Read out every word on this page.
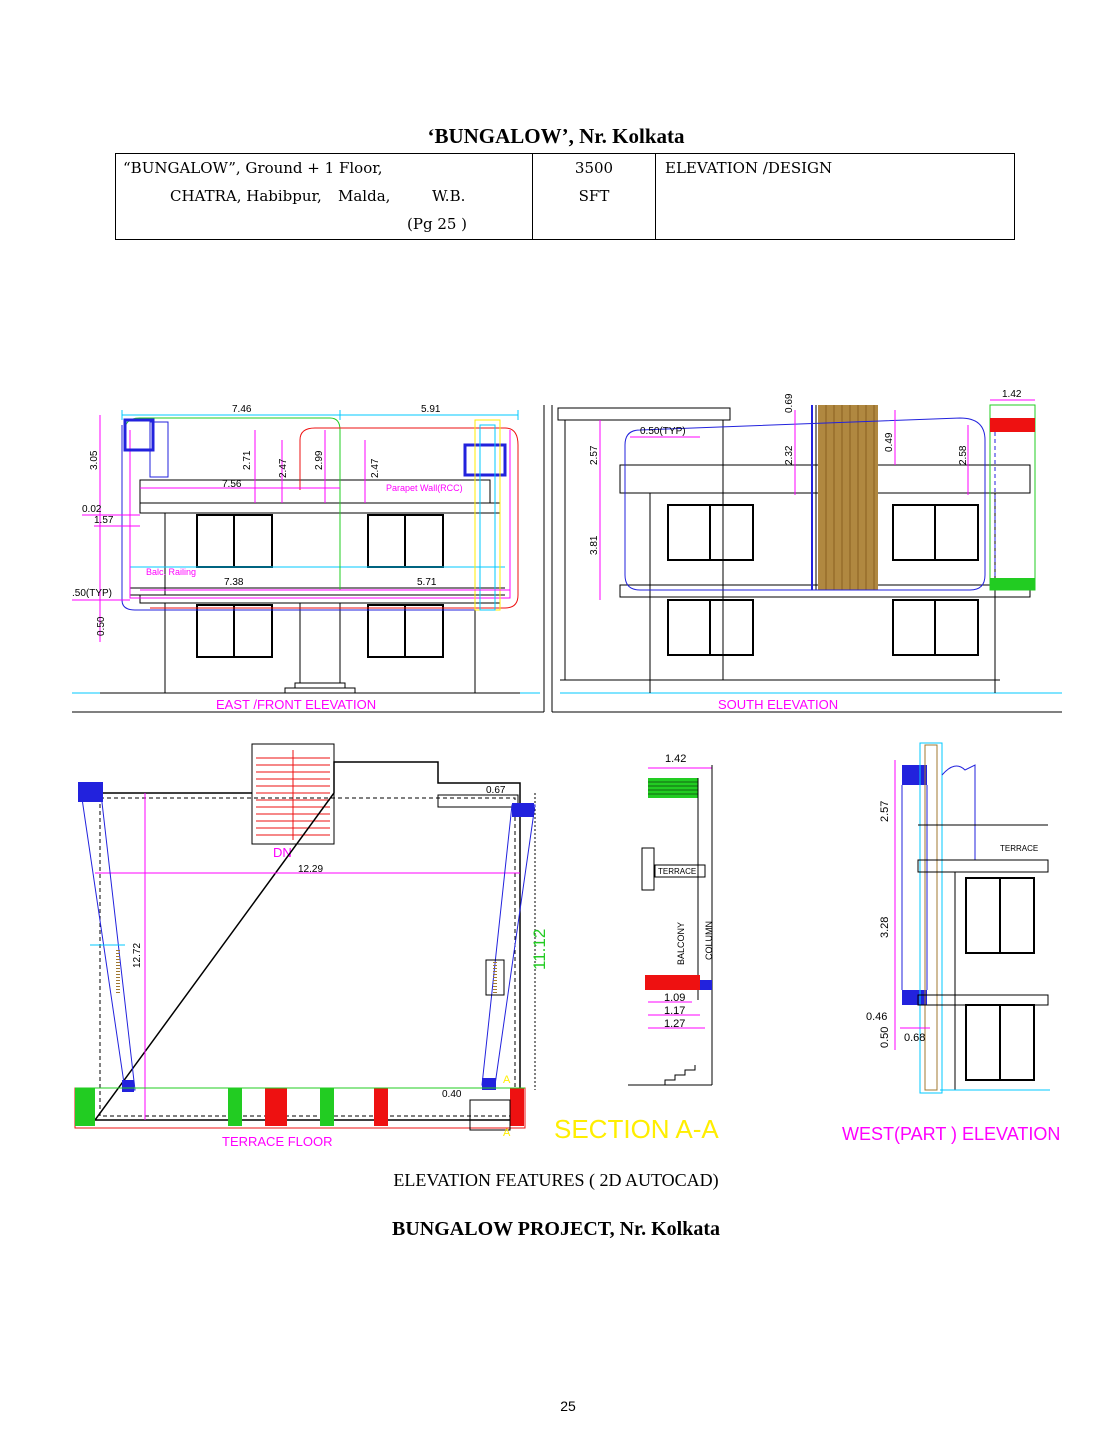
‘BUNGALOW’, Nr. Kolkata
“BUNGALOW”, Ground + 1 Floor,
CHATRA, Habibpur, Malda,	W.B.
(Pg 25 )

3500
SFT

ELEVATION /DESIGN
7.46	5.91
3.05	2.71	2.47	2.99	2.47
7.56	Parapet Wall(RCC)
0.02
1.57
Balc. Railing
7.38	5.71
.50(TYP)
0.50
EAST /FRONT ELEVATION
1.42
0.50(TYP)
2.57
3.81
0.69
2.32
0.49
2.58
SOUTH ELEVATION
DN
12.29
12.72	11.12
0.67
0.40
A
A
TERRACE FLOOR
1.42
TERRACE
BALCONY COLUMN
1.09
1.17
1.27
SECTION A-A
TERRACE
2.57
3.28
0.46
0.50 0.68
WEST(PART ) ELEVATION
ELEVATION FEATURES ( 2D AUTOCAD)
BUNGALOW PROJECT, Nr. Kolkata
25
